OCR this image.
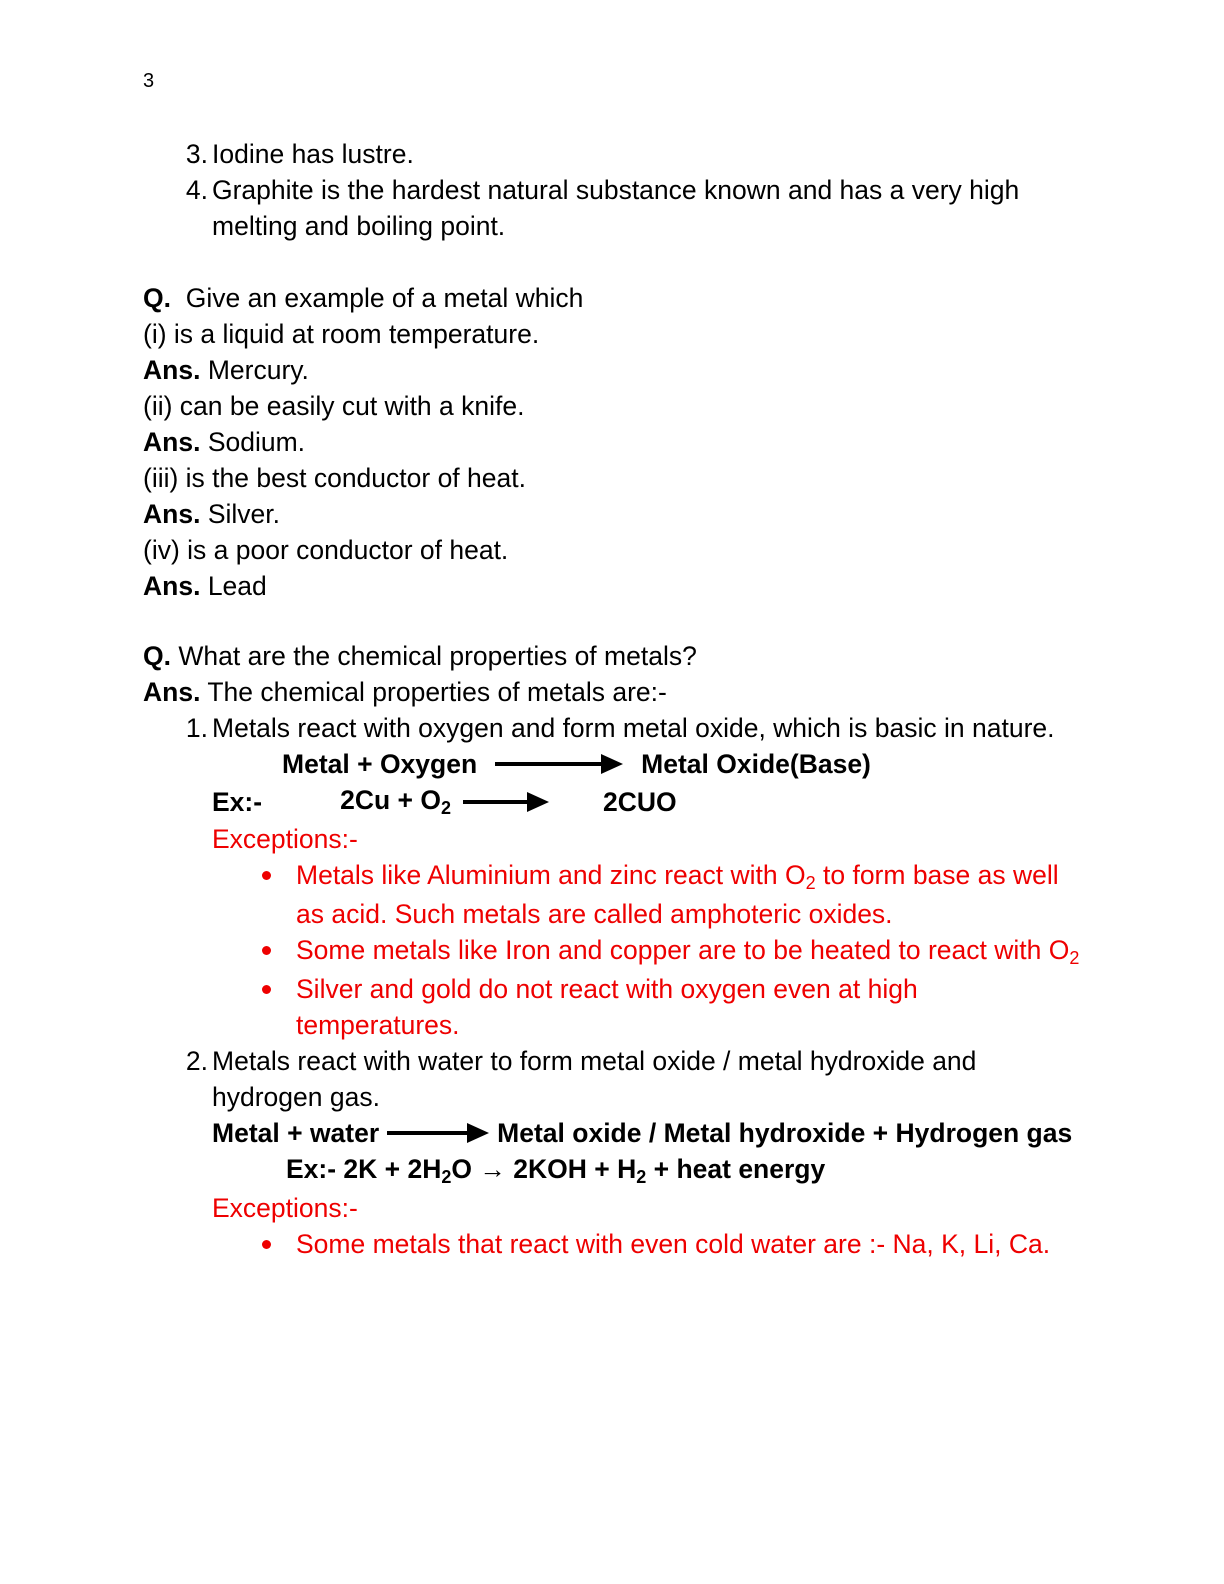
3
3. Iodine has lustre.
4. Graphite is the hardest natural substance known and has a very high melting and boiling point.
Q. Give an example of a metal which
(i) is a liquid at room temperature.
Ans. Mercury.
(ii) can be easily cut with a knife.
Ans. Sodium.
(iii) is the best conductor of heat.
Ans. Silver.
(iv) is a poor conductor of heat.
Ans. Lead
Q. What are the chemical properties of metals?
Ans. The chemical properties of metals are:-
1. Metals react with oxygen and form metal oxide, which is basic in nature.
Metal + Oxygen	Metal Oxide(Base)
Ex:-	$2Cu + O_2$	2CUO
Exceptions:-
Metals like Aluminium and zinc react with $O_2$ to form base as well as acid. Such metals are called amphoteric oxides.
Some metals like Iron and copper are to be heated to react with $O_2$
Silver and gold do not react with oxygen even at high temperatures.
2. Metals react with water to form metal oxide / metal hydroxide and hydrogen gas.
Metal + water	Metal oxide / Metal hydroxide + Hydrogen gas
Ex:- $2K + 2H_2O \to 2KOH + H_2$ + heat energy
Exceptions:-
Some metals that react with even cold water are :- Na, K, Li, Ca.
